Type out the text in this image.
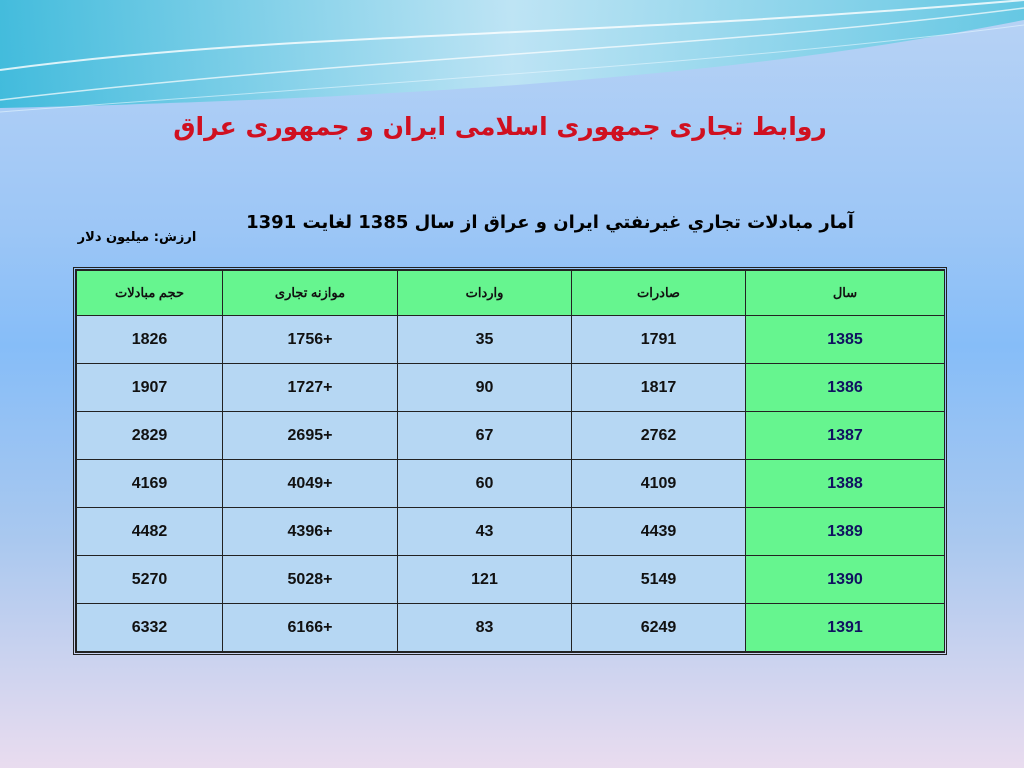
روابط تجاری جمهوری اسلامی ایران و جمهوری عراق
آمار مبادلات تجاري غيرنفتي ايران و عراق از سال 1385 لغايت 1391
ارزش: میلیون دلار
سال	صادرات	واردات	موازنه تجاری	حجم مبادلات
1385	1791	35	+1756	1826
1386	1817	90	+1727	1907
1387	2762	67	+2695	2829
1388	4109	60	+4049	4169
1389	4439	43	+4396	4482
1390	5149	121	+5028	5270
1391	6249	83	+6166	6332
